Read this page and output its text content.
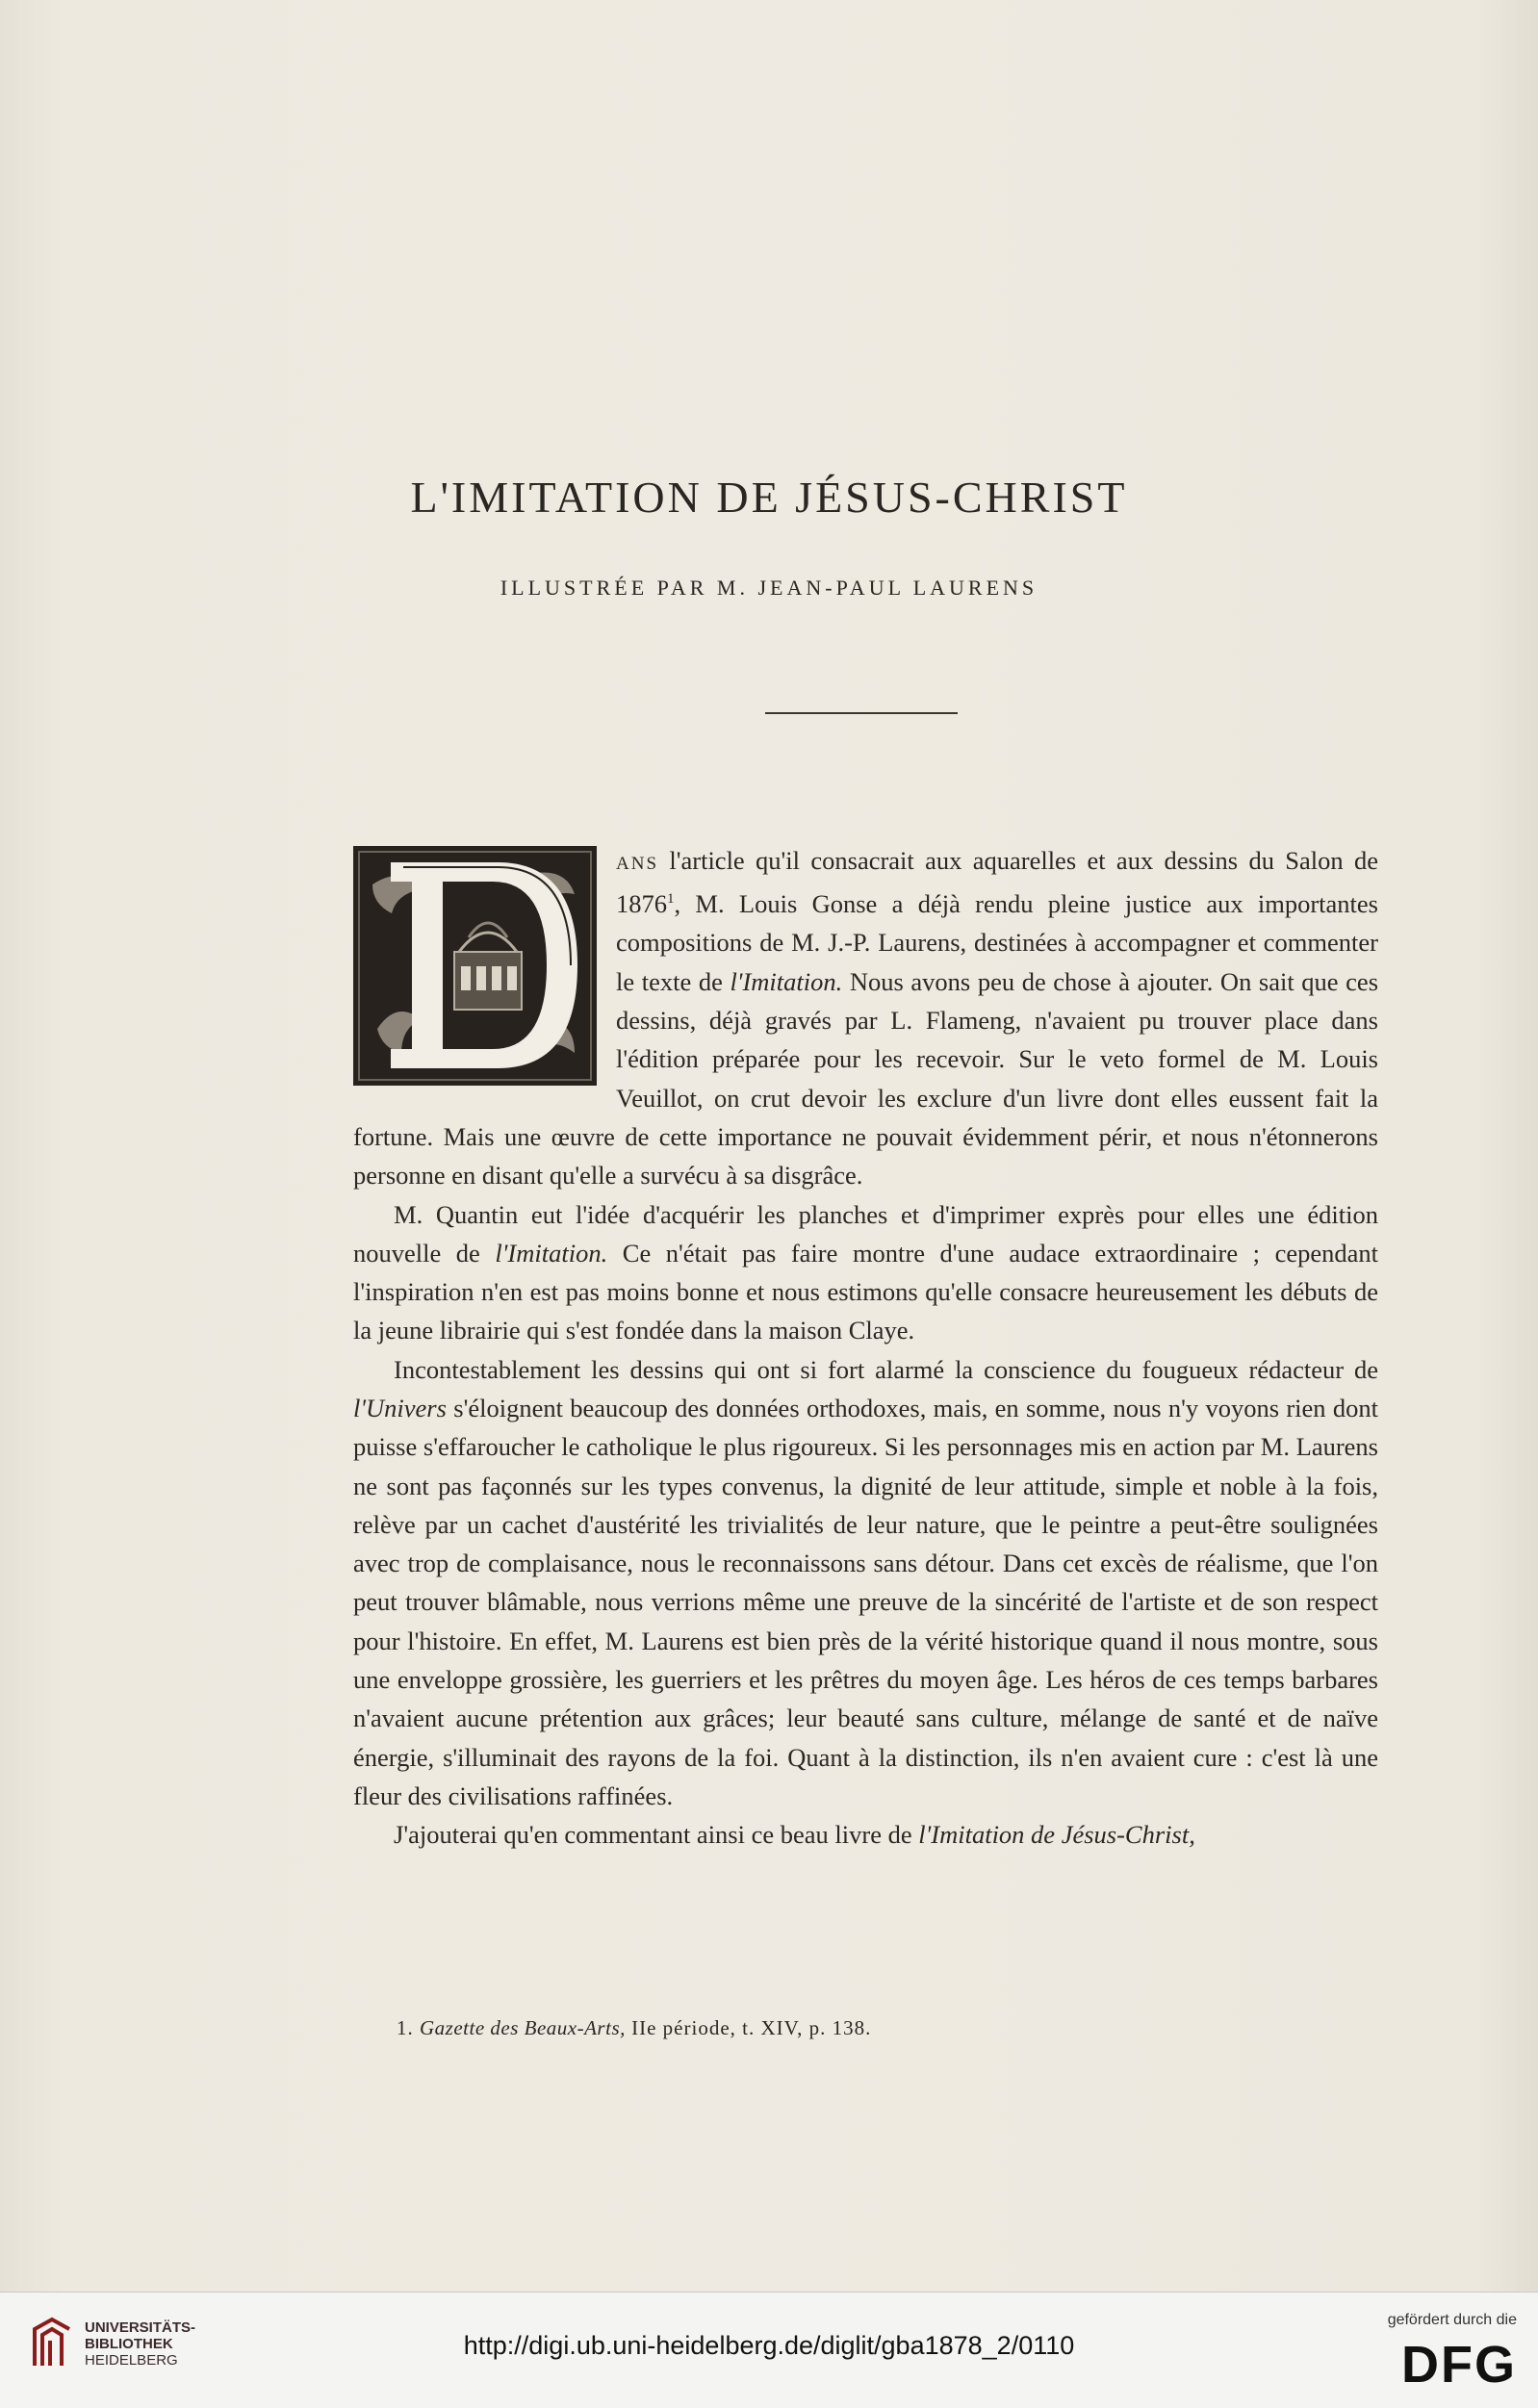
L'IMITATION DE JÉSUS-CHRIST

ILLUSTRÉE PAR M. JEAN-PAUL LAURENS

ans l'article qu'il consacrait aux aquarelles et aux dessins du Salon de 1876$^1$, M. Louis Gonse a déjà rendu pleine justice aux importantes compositions de M. J.-P. Laurens, destinées à accompagner et commenter le texte de l'Imitation. Nous avons peu de chose à ajouter. On sait que ces dessins, déjà gravés par L. Flameng, n'avaient pu trouver place dans l'édition préparée pour les recevoir. Sur le veto formel de M. Louis Veuillot, on crut devoir les exclure d'un livre dont elles eussent fait la fortune. Mais une œuvre de cette importance ne pouvait évidemment périr, et nous n'étonnerons personne en disant qu'elle a survécu à sa disgrâce.

M. Quantin eut l'idée d'acquérir les planches et d'imprimer exprès pour elles une édition nouvelle de l'Imitation. Ce n'était pas faire montre d'une audace extraordinaire ; cependant l'inspiration n'en est pas moins bonne et nous estimons qu'elle consacre heureusement les débuts de la jeune librairie qui s'est fondée dans la maison Claye.

Incontestablement les dessins qui ont si fort alarmé la conscience du fougueux rédacteur de l'Univers s'éloignent beaucoup des données orthodoxes, mais, en somme, nous n'y voyons rien dont puisse s'effaroucher le catholique le plus rigoureux. Si les personnages mis en action par M. Laurens ne sont pas façonnés sur les types convenus, la dignité de leur attitude, simple et noble à la fois, relève par un cachet d'austérité les trivialités de leur nature, que le peintre a peut-être soulignées avec trop de complaisance, nous le reconnaissons sans détour. Dans cet excès de réalisme, que l'on peut trouver blâmable, nous verrions même une preuve de la sincérité de l'artiste et de son respect pour l'histoire. En effet, M. Laurens est bien près de la vérité historique quand il nous montre, sous une enveloppe grossière, les guerriers et les prêtres du moyen âge. Les héros de ces temps barbares n'avaient aucune prétention aux grâces; leur beauté sans culture, mélange de santé et de naïve énergie, s'illuminait des rayons de la foi. Quant à la distinction, ils n'en avaient cure : c'est là une fleur des civilisations raffinées.

J'ajouterai qu'en commentant ainsi ce beau livre de l'Imitation de Jésus-Christ,

1. Gazette des Beaux-Arts, IIe période, t. XIV, p. 138.
UNIVERSITÄTS-
BIBLIOTHEK
HEIDELBERG
http://digi.ub.uni-heidelberg.de/diglit/gba1878_2/0110
gefördert durch die
DFG
